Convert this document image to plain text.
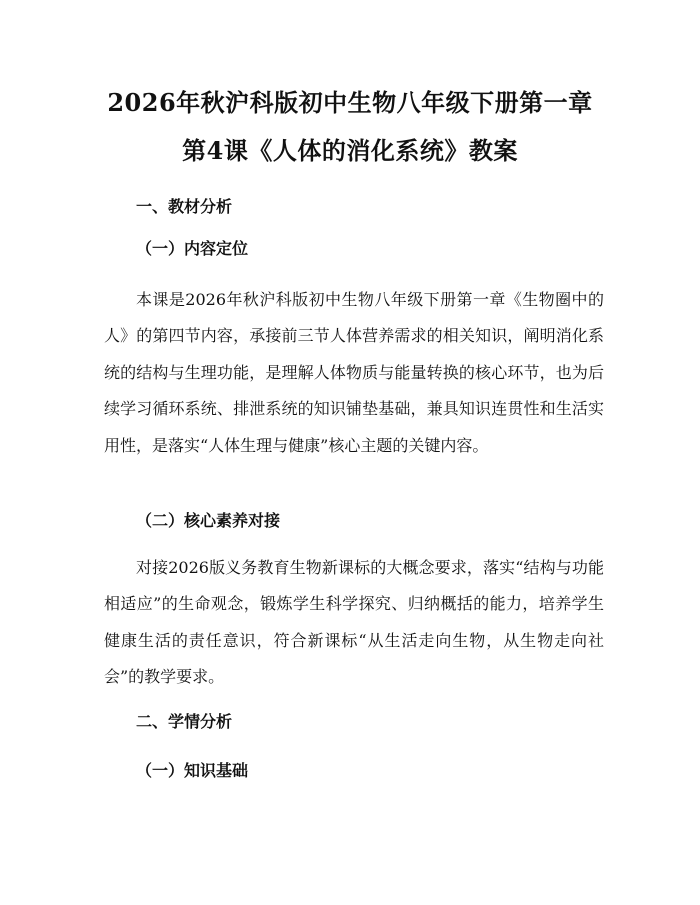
2026年秋沪科版初中生物八年级下册第一章
第4课《人体的消化系统》教案
一、教材分析
（一）内容定位

本课是2026年秋沪科版初中生物八年级下册第一章《生物圈中的人》的第四节内容，承接前三节人体营养需求的相关知识，阐明消化系统的结构与生理功能，是理解人体物质与能量转换的核心环节，也为后续学习循环系统、排泄系统的知识铺垫基础，兼具知识连贯性和生活实用性，是落实“人体生理与健康”核心主题的关键内容。

（二）核心素养对接

对接2026版义务教育生物新课标的大概念要求，落实“结构与功能相适应”的生命观念，锻炼学生科学探究、归纳概括的能力，培养学生健康生活的责任意识，符合新课标“从生活走向生物，从生物走向社会”的教学要求。

二、学情分析
（一）知识基础
